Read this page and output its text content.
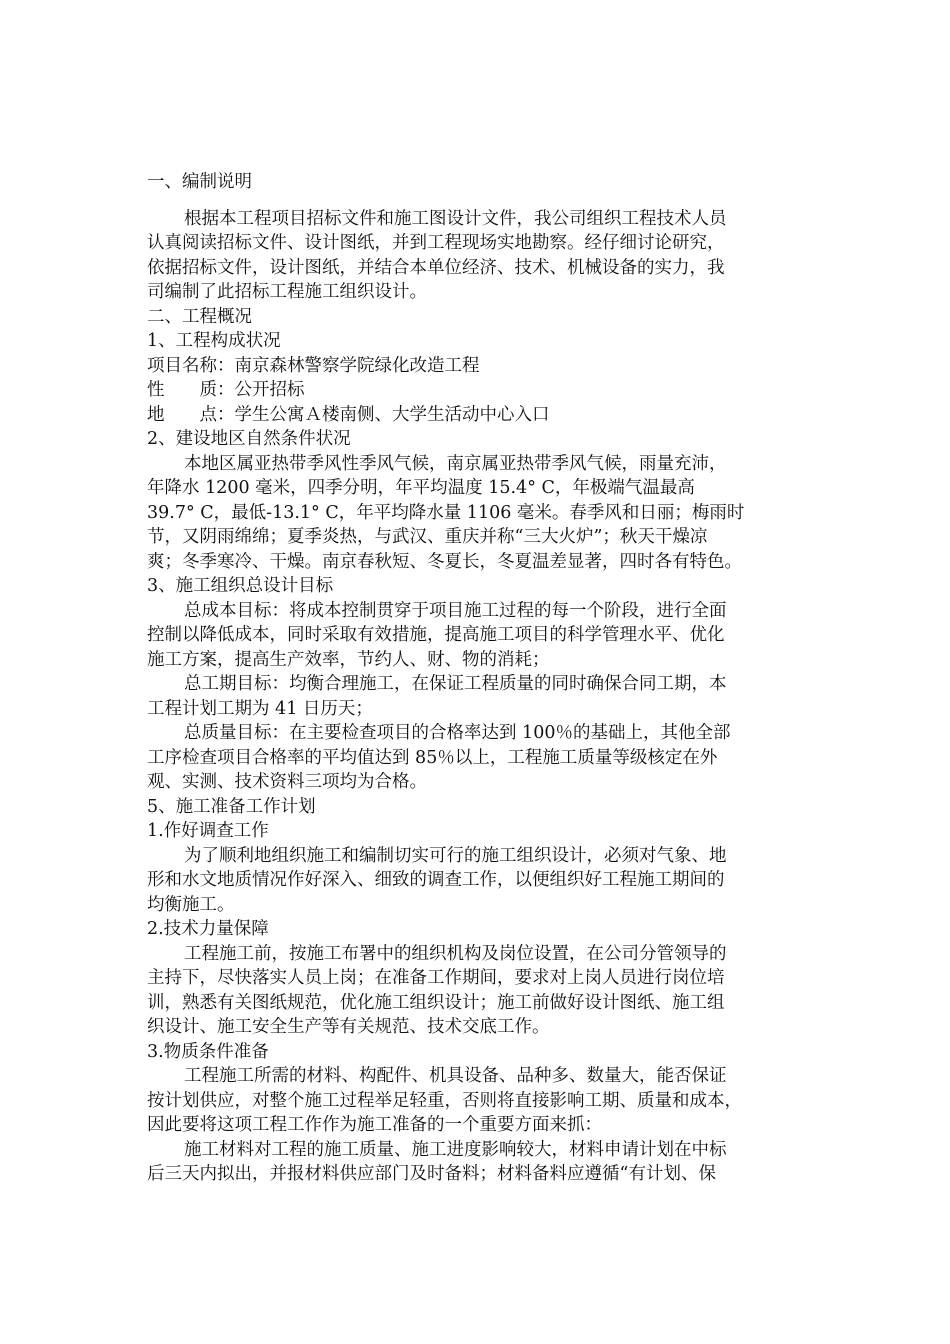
一、编制说明
根据本工程项目招标文件和施工图设计文件，我公司组织工程技术人员
认真阅读招标文件、设计图纸，并到工程现场实地勘察。经仔细讨论研究，
依据招标文件，设计图纸，并结合本单位经济、技术、机械设备的实力，我
司编制了此招标工程施工组织设计。
二、工程概况
1、工程构成状况
项目名称：南京森林警察学院绿化改造工程
性　　质：公开招标
地　　点：学生公寓Ａ楼南侧、大学生活动中心入口
2、建设地区自然条件状况
本地区属亚热带季风性季风气候，南京属亚热带季风气候，雨量充沛，
年降水 1200 毫米，四季分明，年平均温度 15.4° C，年极端气温最高
39.7° C，最低-13.1° C，年平均降水量 1106 毫米。春季风和日丽；梅雨时
节，又阴雨绵绵；夏季炎热，与武汉、重庆并称“三大火炉”；秋天干燥凉
爽；冬季寒冷、干燥。南京春秋短、冬夏长，冬夏温差显著，四时各有特色。
3、施工组织总设计目标
总成本目标：将成本控制贯穿于项目施工过程的每一个阶段，进行全面
控制以降低成本，同时采取有效措施，提高施工项目的科学管理水平、优化
施工方案，提高生产效率，节约人、财、物的消耗；
总工期目标：均衡合理施工，在保证工程质量的同时确保合同工期，本
工程计划工期为 41 日历天；
总质量目标：在主要检查项目的合格率达到 100％的基础上，其他全部
工序检查项目合格率的平均值达到 85％以上，工程施工质量等级核定在外
观、实测、技术资料三项均为合格。
5、施工准备工作计划
1.作好调查工作
为了顺利地组织施工和编制切实可行的施工组织设计，必须对气象、地
形和水文地质情况作好深入、细致的调查工作，以便组织好工程施工期间的
均衡施工。
2.技术力量保障
工程施工前，按施工布署中的组织机构及岗位设置，在公司分管领导的
主持下，尽快落实人员上岗；在准备工作期间，要求对上岗人员进行岗位培
训，熟悉有关图纸规范，优化施工组织设计；施工前做好设计图纸、施工组
织设计、施工安全生产等有关规范、技术交底工作。
3.物质条件准备
工程施工所需的材料、构配件、机具设备、品种多、数量大，能否保证
按计划供应，对整个施工过程举足轻重，否则将直接影响工期、质量和成本，
因此要将这项工程工作作为施工准备的一个重要方面来抓：
施工材料对工程的施工质量、施工进度影响较大，材料申请计划在中标
后三天内拟出，并报材料供应部门及时备料；材料备料应遵循“有计划、保
